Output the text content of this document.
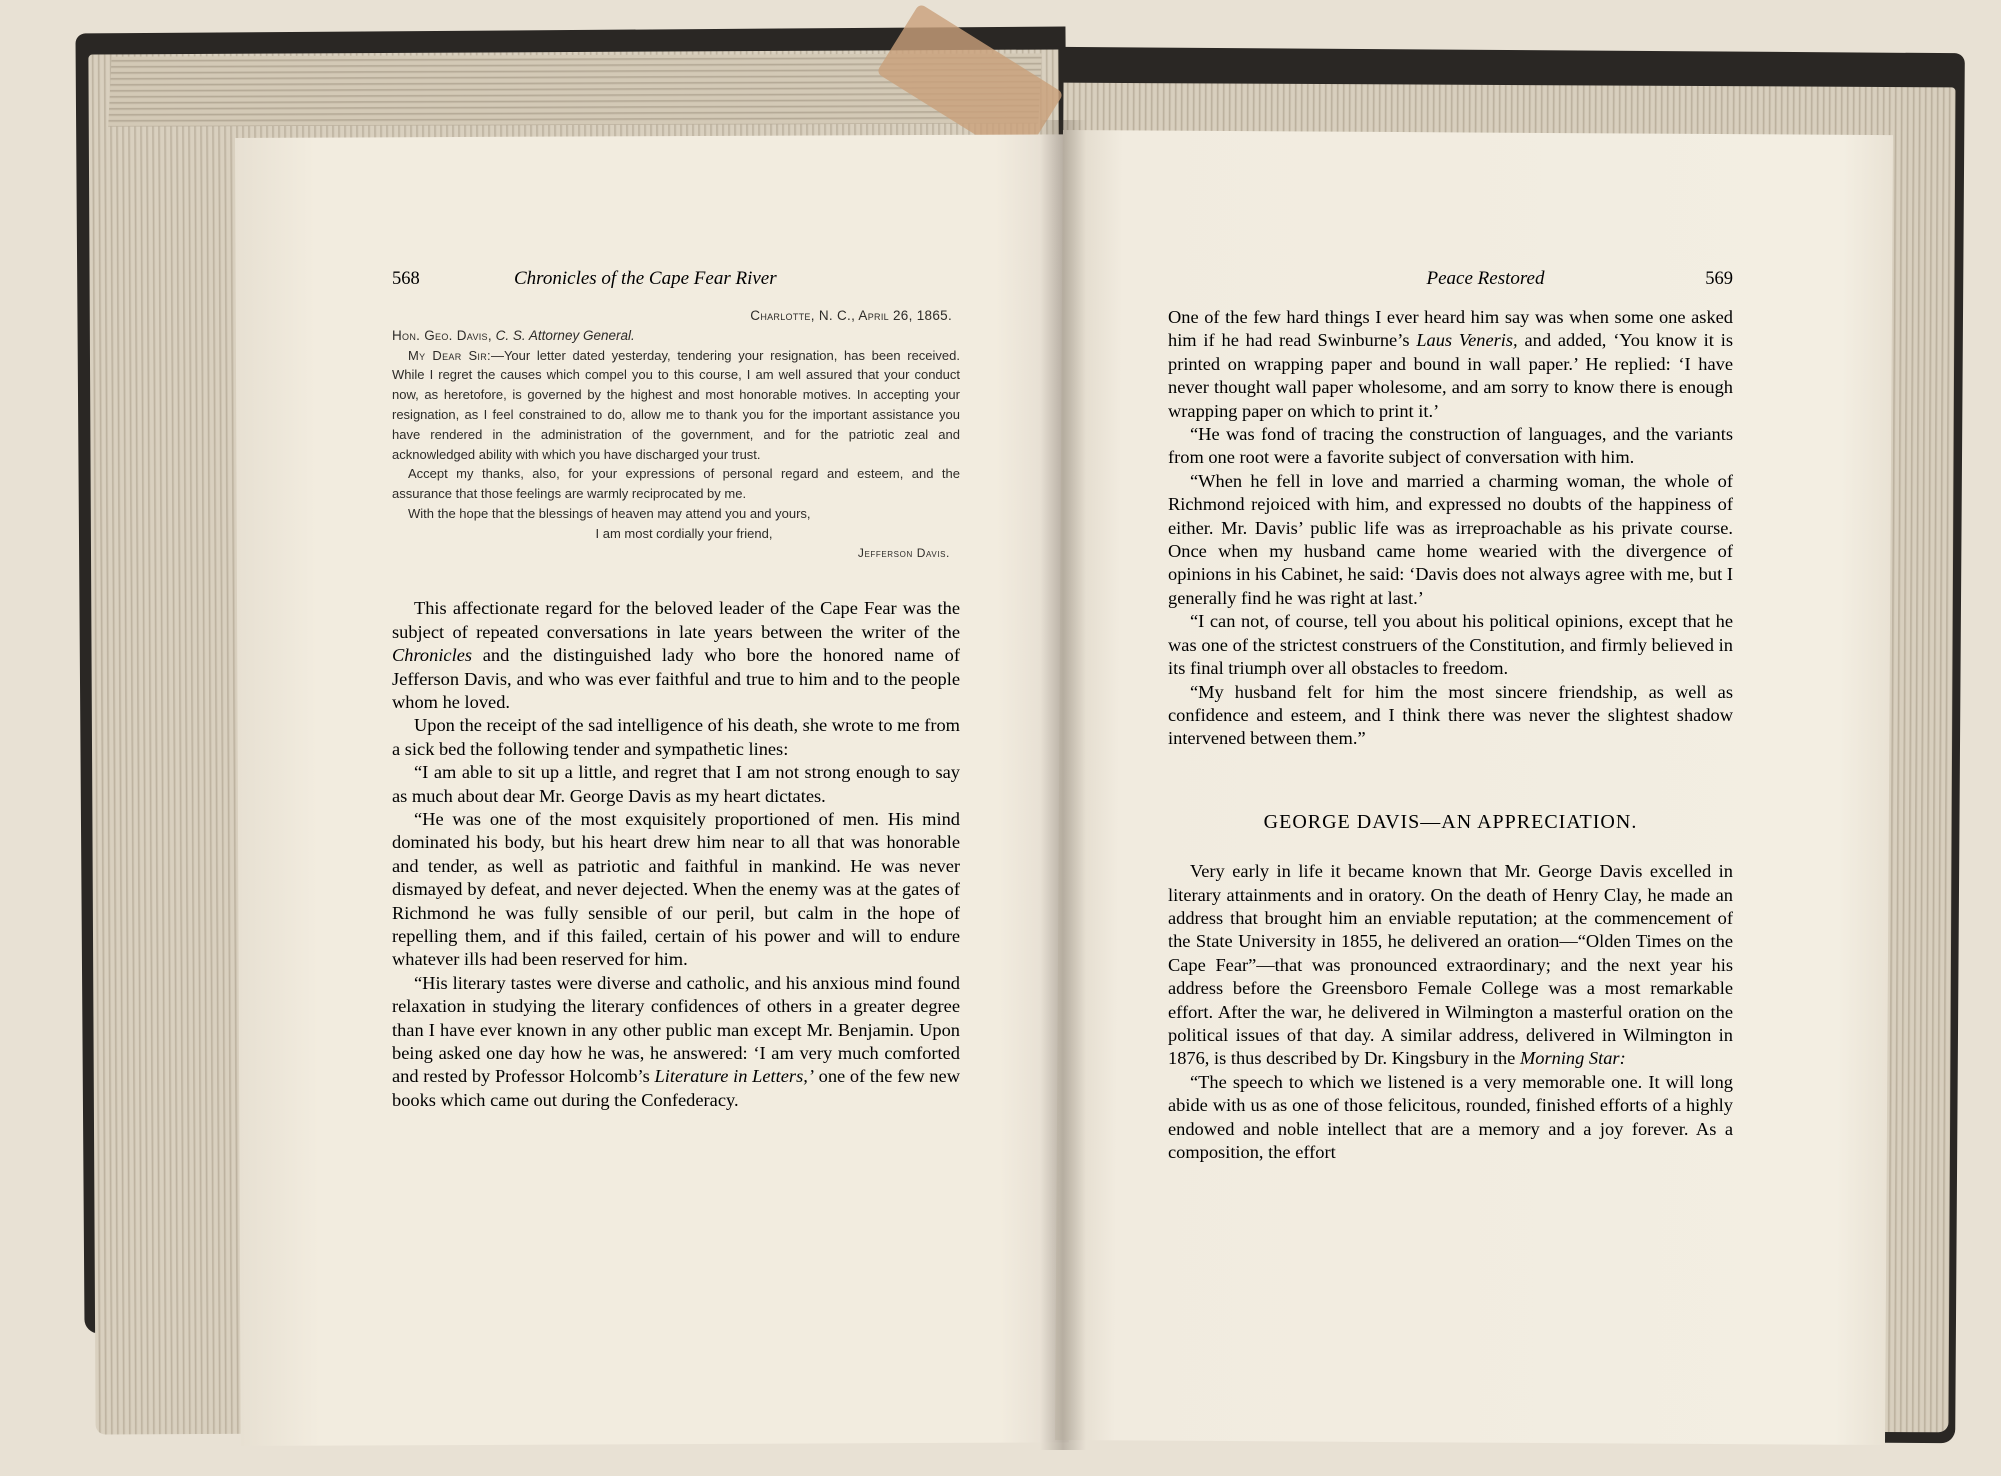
568	Chronicles of the Cape Fear River
Charlotte, N. C., April 26, 1865.
Hon. Geo. Davis, C. S. Attorney General.

My Dear Sir:—Your letter dated yesterday, tendering your resignation, has been received. While I regret the causes which compel you to this course, I am well assured that your conduct now, as heretofore, is governed by the highest and most honorable motives. In accepting your resignation, as I feel constrained to do, allow me to thank you for the important assistance you have rendered in the administration of the government, and for the patriotic zeal and acknowledged ability with which you have discharged your trust.

Accept my thanks, also, for your expressions of personal regard and esteem, and the assurance that those feelings are warmly reciprocated by me.

With the hope that the blessings of heaven may attend you and yours,

I am most cordially your friend,

Jefferson Davis.

This affectionate regard for the beloved leader of the Cape Fear was the subject of repeated conversations in late years between the writer of the Chronicles and the distinguished lady who bore the honored name of Jefferson Davis, and who was ever faithful and true to him and to the people whom he loved.

Upon the receipt of the sad intelligence of his death, she wrote to me from a sick bed the following tender and sympathetic lines:

“I am able to sit up a little, and regret that I am not strong enough to say as much about dear Mr. George Davis as my heart dictates.

“He was one of the most exquisitely proportioned of men. His mind dominated his body, but his heart drew him near to all that was honorable and tender, as well as patriotic and faithful in mankind. He was never dismayed by defeat, and never dejected. When the enemy was at the gates of Richmond he was fully sensible of our peril, but calm in the hope of repelling them, and if this failed, certain of his power and will to endure whatever ills had been reserved for him.

“His literary tastes were diverse and catholic, and his anxious mind found relaxation in studying the literary confidences of others in a greater degree than I have ever known in any other public man except Mr. Benjamin. Upon being asked one day how he was, he answered: ‘I am very much comforted and rested by Professor Holcomb’s Literature in Letters,’ one of the few new books which came out during the Confederacy.

Peace Restored	569

One of the few hard things I ever heard him say was when some one asked him if he had read Swinburne’s Laus Veneris, and added, ‘You know it is printed on wrapping paper and bound in wall paper.’ He replied: ‘I have never thought wall paper wholesome, and am sorry to know there is enough wrapping paper on which to print it.’

“He was fond of tracing the construction of languages, and the variants from one root were a favorite subject of conversation with him.

“When he fell in love and married a charming woman, the whole of Richmond rejoiced with him, and expressed no doubts of the happiness of either. Mr. Davis’ public life was as irreproachable as his private course. Once when my husband came home wearied with the divergence of opinions in his Cabinet, he said: ‘Davis does not always agree with me, but I generally find he was right at last.’

“I can not, of course, tell you about his political opinions, except that he was one of the strictest construers of the Constitution, and firmly believed in its final triumph over all obstacles to freedom.

“My husband felt for him the most sincere friendship, as well as confidence and esteem, and I think there was never the slightest shadow intervened between them.”

GEORGE DAVIS—AN APPRECIATION.

Very early in life it became known that Mr. George Davis excelled in literary attainments and in oratory. On the death of Henry Clay, he made an address that brought him an enviable reputation; at the commencement of the State University in 1855, he delivered an oration—“Olden Times on the Cape Fear”—that was pronounced extraordinary; and the next year his address before the Greensboro Female College was a most remarkable effort. After the war, he delivered in Wilmington a masterful oration on the political issues of that day. A similar address, delivered in Wilmington in 1876, is thus described by Dr. Kingsbury in the Morning Star:

“The speech to which we listened is a very memorable one. It will long abide with us as one of those felicitous, rounded, finished efforts of a highly endowed and noble intellect that are a memory and a joy forever. As a composition, the effort
